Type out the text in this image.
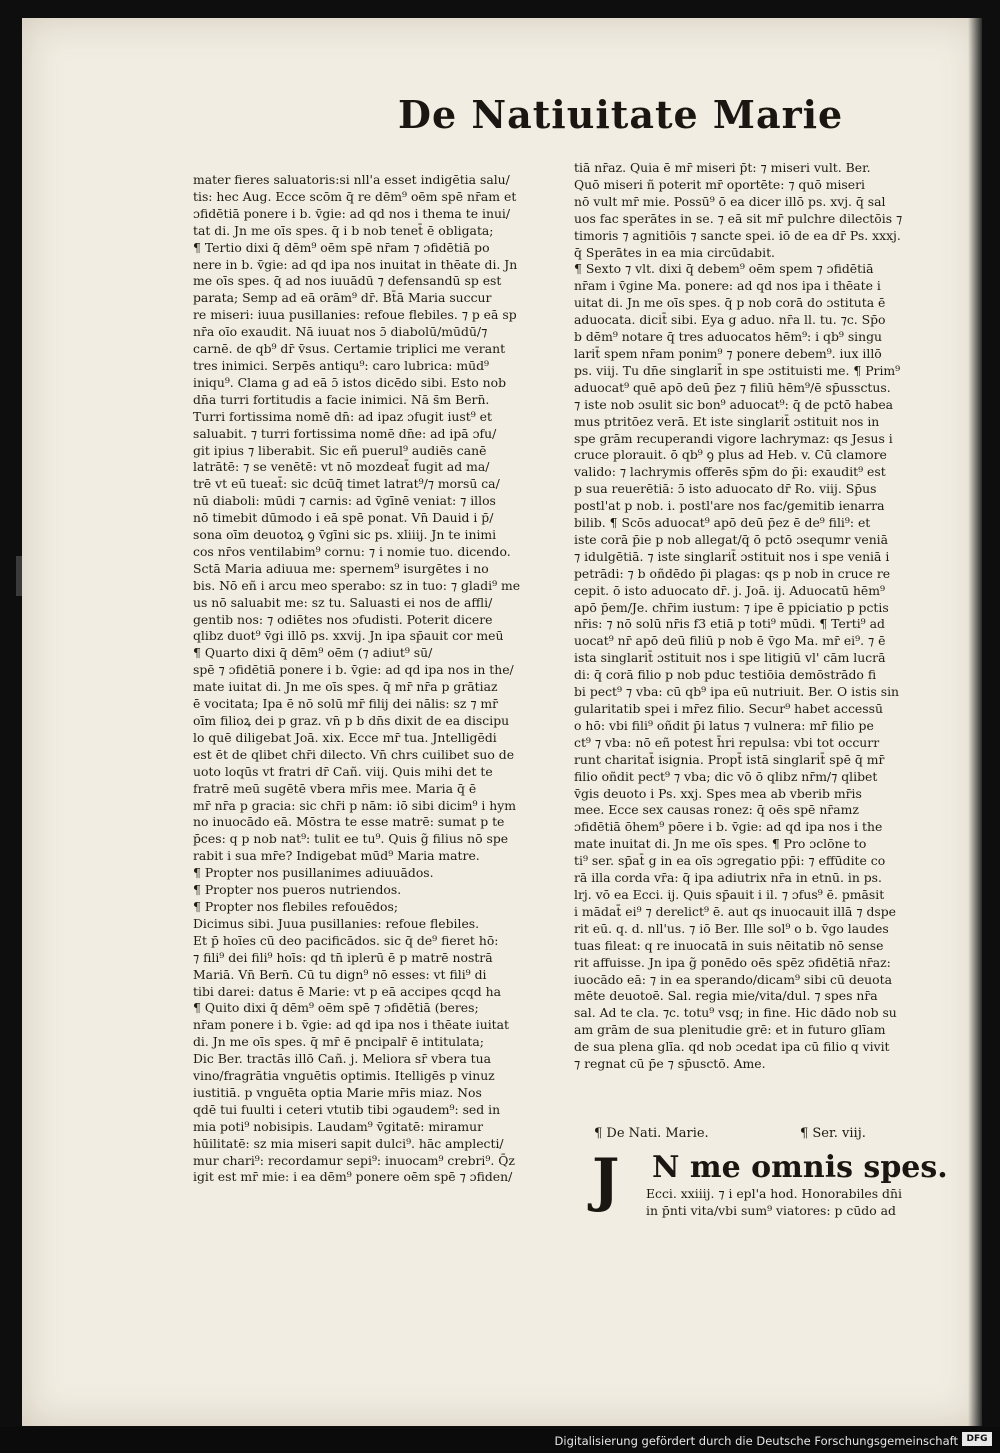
De Natiuitate Marie
mater fieres saluatoris:si nll'a esset indigētia salu/
tis: hec Aug. Ecce scōm q̄ re dēm⁹ oēm spē nr̄am et
ɔfidētiā ponere i b. v̄gie: ad qd nos i thema te inui/
tat di. Jn me oīs spes. q̄ i b nob tenet̄ ē obligata;
¶ Tertio dixi q̄ dēm⁹ oēm spē nr̄am ⁊ ɔfidētiā po
nere in b. v̄gie: ad qd ipa nos inuitat in thēate di. Jn
me oīs spes. q̄ ad nos iuuādū ⁊ defensandū sp est
parata; Semp ad eā orām⁹ dr̄. Bt̄ā Maria succur
re miseri: iuua pusillanies: refoue flebiles. ⁊ p eā sp
nr̄a oīo exaudit. Nā iuuat nos ɔ̄ diabolū/mūdū/⁊
carnē. de qb⁹ dr̄ v̄sus. Certamie triplici me verant
tres inimici. Serpēs antiqu⁹: caro lubrica: mūd⁹
iniqu⁹. Clama g ad eā ɔ̄ istos dicēdo sibi. Esto nob
dn̄a turri fortitudis a facie inimici. Nā s̄m Bern̄.
Turri fortissima nomē dn̄: ad ipaz ɔfugit iust⁹ et
saluabit. ⁊ turri fortissima nomē dn̄e: ad ipā ɔfu/
git ipius ⁊ liberabit. Sic eñ puerul⁹ audiēs canē
latrātē: ⁊ se venētē: vt nō mozdeat̄ fugit ad ma/
trē vt eū tueat̄: sic dcūq̄ timet latrat⁹/⁊ morsū ca/
nū diaboli: mūdi ⁊ carnis: ad v̄gīnē veniat: ⁊ illos
nō timebit dūmodo i eā spē ponat. Vn̄ Dauid i p̄/
sona oīm deuotoꝝ ꝯ v̄gīni sic ps. xliiij. Jn te inimi
cos nr̄os ventilabim⁹ cornu: ⁊ i nomie tuo. dicendo.
Sctā Maria adiuua me: spernem⁹ isurgētes i no
bis. Nō eñ i arcu meo sperabo: sz in tuo: ⁊ gladi⁹ me
us nō saluabit me: sz tu. Saluasti ei nos de affli/
gentib nos: ⁊ odiētes nos ɔfudisti. Poterit dicere
qlibz duot⁹ v̄gi illō ps. xxvij. Jn ipa sp̄auit cor meū
¶ Quarto dixi q̄ dēm⁹ oēm (⁊ adiut⁹ sū/
spē ⁊ ɔfidētiā ponere i b. v̄gie: ad qd ipa nos in the/
mate iuitat di. Jn me oīs spes. q̄ mr̄ nr̄a p grātiaz
ē vocitata; Ipa ē nō solū mr̄ filij dei nālis: sz ⁊ mr̄
oīm filioꝝ dei p graz. vn̄ p b dn̄s dixit de ea discipu
lo quē diligebat Joā. xix. Ecce mr̄ tua. Jntelligēdi
est ēt de qlibet chr̄i dilecto. Vn̄ chrs cuilibet suo de
uoto loqūs vt fratri dr̄ Cañ. viij. Quis mihi det te
fratrē meū sugētē vbera mr̄is mee. Maria q̄ ē
mr̄ nr̄a p gracia: sic chr̄i p nām: iō sibi dicim⁹ i hym
no inuocādo eā. Mōstra te esse matrē: sumat p te
p̄ces: q p nob nat⁹: tulit ee tu⁹. Quis g̃ filius nō spe
rabit i sua mr̄e? Indigebat mūd⁹ Maria matre.
¶ Propter nos pusillanimes adiuuādos.
¶ Propter nos pueros nutriendos.
¶ Propter nos flebiles refouēdos;
Dicimus sibi. Juua pusillanies: refoue flebiles.
Et p̄ hoīes cū deo pacificādos. sic q̄ de⁹ fieret hō:
⁊ fili⁹ dei fili⁹ hoīs: qd tn̄ iplerū ē p matrē nostrā
Mariā. Vn̄ Bern̄. Cū tu dign⁹ nō esses: vt fili⁹ di
tibi darei: datus ē Marie: vt p eā accipes qcqd ha
¶ Quito dixi q̄ dēm⁹ oēm spē ⁊ ɔfidētiā (beres;
nr̄am ponere i b. v̄gie: ad qd ipa nos i thēate iuitat
di. Jn me oīs spes. q̄ mr̄ ē pncipalr̄ ē intitulata;
Dic Ber. tractās illō Cañ. j. Meliora sr̄ vbera tua
vino/fragrātia vnguētis optimis. Itelligēs p vinuz
iustitiā. p vnguēta optia Marie mr̄is miaz. Nos
qdē tui fuulti i ceteri vtutib tibi ɔgaudem⁹: sed in
mia poti⁹ nobisipis. Laudam⁹ v̄gitatē: miramur
hūilitatē: sz mia miseri sapit dulci⁹. hāc amplecti/
mur chari⁹: recordamur sepi⁹: inuocam⁹ crebri⁹. Q̄z
igit est mr̄ mie: i ea dēm⁹ ponere oēm spē ⁊ ɔfiden/
tiā nr̄az. Quia ē mr̄ miseri p̄t: ⁊ miseri vult. Ber.
Quō miseri ñ poterit mr̄ oportēte: ⁊ quō miseri
nō vult mr̄ mie. Possū⁹ ō ea dicer illō ps. xvj. q̄ sal
uos fac sperātes in se. ⁊ eā sit mr̄ pulchre dilectōis ⁊
timoris ⁊ agnitiōis ⁊ sancte spei. iō de ea dr̄ Ps. xxxj.
q̄ Sperātes in ea mia circūdabit.
¶ Sexto ⁊ vlt. dixi q̄ debem⁹ oēm spem ⁊ ɔfidētiā
nr̄am i v̄gine Ma. ponere: ad qd nos ipa i thēate i
uitat di. Jn me oīs spes. q̄ p nob corā do ɔstituta ē
aduocata. dicit̄ sibi. Eya g aduo. nr̄a ll. tu. ⁊c. Sp̄o
b dēm⁹ notare q̄ tres aduocatos hēm⁹: i qb⁹ singu
larit̄ spem nr̄am ponim⁹ ⁊ ponere debem⁹. iux illō
ps. viij. Tu dn̄e singlarit̄ in spe ɔstituisti me. ¶ Prim⁹
aduocat⁹ quē apō deū p̄ez ⁊ filiū hēm⁹/ē sp̄ussctus.
⁊ iste nob ɔsulit sic bon⁹ aduocat⁹: q̄ de pctō habea
mus ptritōez verā. Et iste singlarit̄ ɔstituit nos in
spe grām recuperandi vigore lachrymaz: qs Jesus i
cruce plorauit. ō qb⁹ ꝯ plus ad Heb. v. Cū clamore
valido: ⁊ lachrymis offerēs sp̄m do p̄i: exaudit⁹ est
p sua reuerētiā: ɔ̄ isto aduocato dr̄ Ro. viij. Sp̄us
postl'at p nob. i. postl'are nos fac/gemitib ienarra
bilib. ¶ Scōs aduocat⁹ apō deū p̄ez ē de⁹ fili⁹: et
iste corā p̄ie p nob allegat/q̄ ō pctō ɔsequmr veniā
⁊ idulgētiā. ⁊ iste singlarit̄ ɔstituit nos i spe veniā i
petrādi: ⁊ b oñdēdo p̄i plagas: qs p nob in cruce re
cepit. ō isto aduocato dr̄. j. Joā. ij. Aduocatū hēm⁹
apō p̄em/Je. chr̄im iustum: ⁊ ipe ē ppiciatio p pctis
nr̄is: ⁊ nō solū nr̄is f3 etiā p toti⁹ mūdi. ¶ Terti⁹ ad
uocat⁹ nr̄ apō deū filiū p nob ē v̄go Ma. mr̄ ei⁹. ⁊ ē
ista singlarit̄ ɔstituit nos i spe litigiū vl' cām lucrā
di: q̄ corā filio p nob pduc testiōia demōstrādo fi
bi pect⁹ ⁊ vba: cū qb⁹ ipa eū nutriuit. Ber. O istis sin
gularitatib spei i mr̄ez filio. Secur⁹ habet accessū
o hō: vbi fili⁹ oñdit p̄i latus ⁊ vulnera: mr̄ filio pe
ct⁹ ⁊ vba: nō eñ potest h̄ri repulsa: vbi tot occurr
runt charitat̄ isignia. Propt̄ istā singlarit̄ spē q̄ mr̄
filio oñdit pect⁹ ⁊ vba; dic vō ō qlibz nr̄m/⁊ qlibet
v̄gis deuoto i Ps. xxj. Spes mea ab vberib mr̄is
mee. Ecce sex causas ronez: q̄ oēs spē nr̄amz
ɔfidētiā ōhem⁹ pōere i b. v̄gie: ad qd ipa nos i the
mate inuitat di. Jn me oīs spes. ¶ Pro ɔclōne to
ti⁹ ser. sp̄at̄ g in ea oīs ɔgregatio pp̄i: ⁊ effūdite co
rā illa corda vr̄a: q̄ ipa adiutrix nr̄a in etnū. in ps.
lrj. vō ea Ecci. ij. Quis sp̄auit i il. ⁊ ɔfus⁹ ē. pmāsit
i mādat̄ ei⁹ ⁊ derelict⁹ ē. aut qs inuocauit illā ⁊ dspe
rit eū. q. d. nll'us. ⁊ iō Ber. Ille sol⁹ o b. v̄go laudes
tuas fileat: q re inuocatā in suis nēitatib nō sense
rit affuisse. Jn ipa g̃ ponēdo oēs spēz ɔfidētiā nr̄az:
iuocādo eā: ⁊ in ea sperando/dicam⁹ sibi cū deuota
mēte deuotoē. Sal. regia mie/vita/dul. ⁊ spes nr̄a
sal. Ad te cla. ⁊c. totu⁹ vsq; in fine. Hic dādo nob su
am grām de sua plenitudie grē: et in futuro glīam
de sua plena glīa. qd nob ɔcedat ipa cū filio q vivit
⁊ regnat cū p̄e ⁊ sp̄usctō. Ame.
¶ De Nati. Marie.	¶ Ser. viij.
J	N me omnis spes.
Ecci. xxiiij. ⁊ i epl'a hod. Honorabiles dn̄i
in p̄nti vita/vbi sum⁹ viatores: p cūdo ad
Digitalisierung gefördert durch die Deutsche Forschungsgemeinschaft DFG
